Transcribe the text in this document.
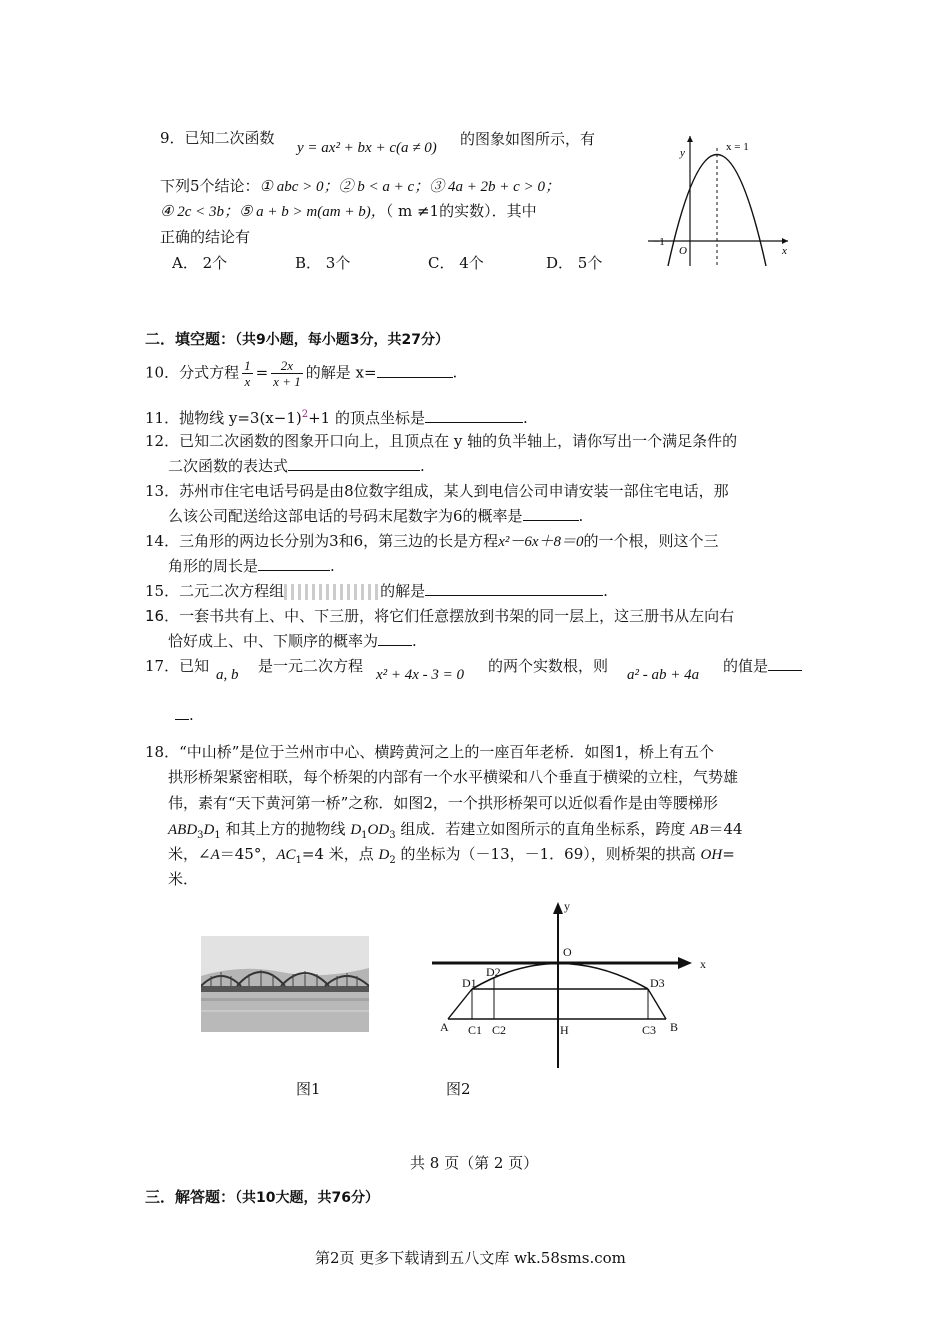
9．已知二次函数
y = ax² + bx + c(a ≠ 0) 的图象如图所示，有
下列5个结论：① abc > 0；② b < a + c；③ 4a + 2b + c > 0；
④ 2c < 3b；⑤ a + b > m(am + b)，（ m ≠1的实数）．其中
正确的结论有
A． 2个	B． 3个	C． 4个	D． 5个
y
x
x = 1
O
−1
二．填空题：（共9小题，每小题3分，共27分）
10．分式方程 $\frac{1}{x} = \frac{2x}{x + 1}$ 的解是 x=	.
11．抛物线 $y=3(x-1)^2+1$ 的顶点坐标是	.
12．已知二次函数的图象开口向上，且顶点在 y 轴的负半轴上，请你写出一个满足条件的
二次函数的表达式	.
13．苏州市住宅电话号码是由8位数字组成，某人到电信公司申请安装一部住宅电话，那
么该公司配送给这部电话的号码末尾数字为6的概率是	.
14．三角形的两边长分别为3和6，第三边的长是方程x²－6x＋8＝0的一个根，则这个三
角形的周长是	.
15．二元二次方程组	的解是	.
16．一套书共有上、中、下三册，将它们任意摆放到书架的同一层上，这三册书从左向右
恰好成上、中、下顺序的概率为 .
17．已知 a, b 是一元二次方程 x² + 4x - 3 = 0 的两个实数根，则 a² - ab + 4a 的值是
.
18．“中山桥”是位于兰州市中心、横跨黄河之上的一座百年老桥．如图1，桥上有五个
拱形桥架紧密相联，每个桥架的内部有一个水平横梁和八个垂直于横梁的立柱，气势雄
伟，素有“天下黄河第一桥”之称．如图2，一个拱形桥架可以近似看作是由等腰梯形
$ABD_3D_1$ 和其上方的抛物线 $D_1OD_3$ 组成．若建立如图所示的直角坐标系，跨度 AB＝44
米，∠A＝45°，$AC_1=4$ 米，点 $D_2$ 的坐标为（－13，－1．69），则桥架的拱高 OH=
米．
图1
y
x
O
D1
D2
D3
A	B
C1 C2	H	C3
图2
共 8 页（第 2 页）
三．解答题：（共10大题，共76分）
第2页 更多下载请到五八文库 wk.58sms.com
